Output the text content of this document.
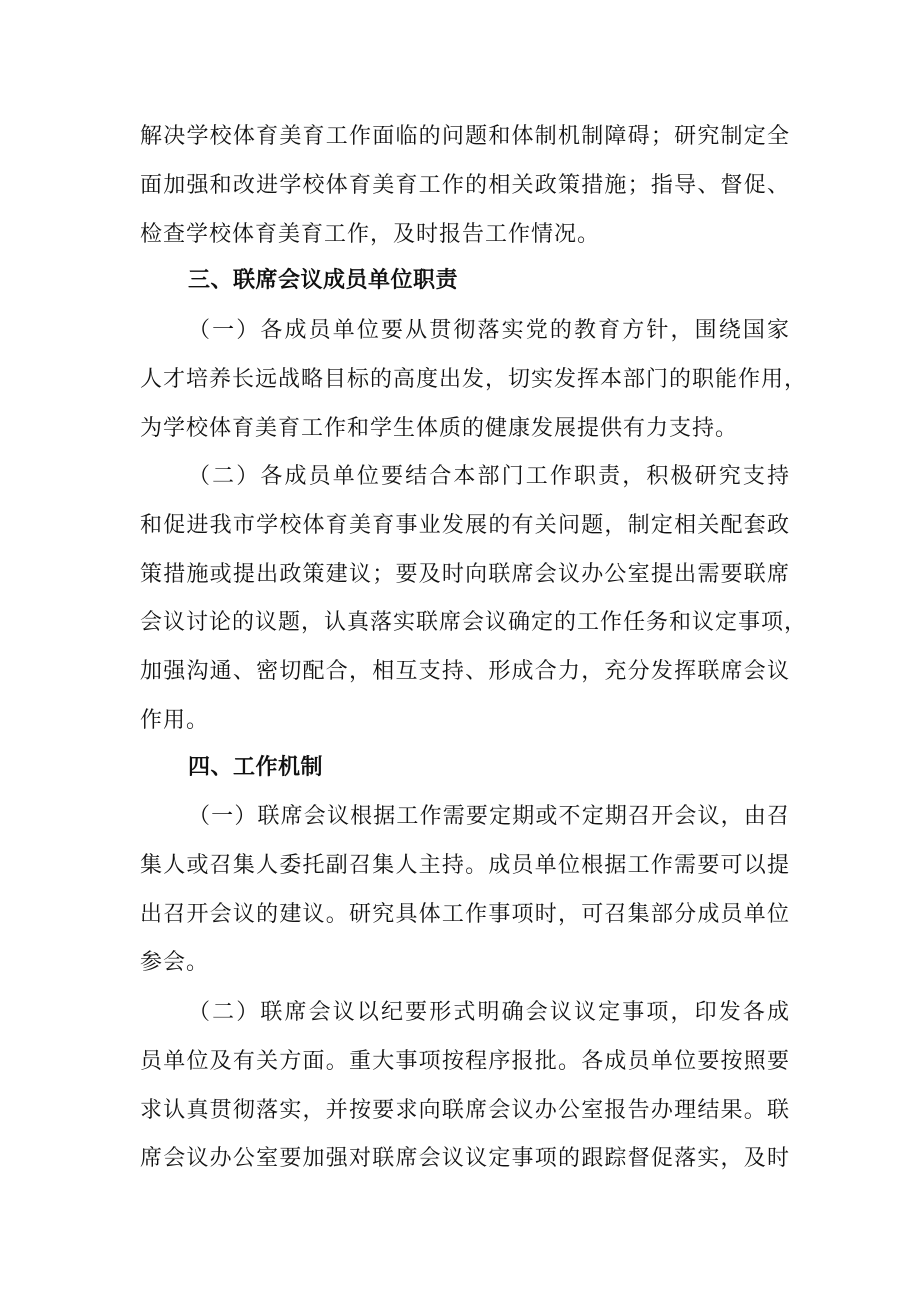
解决学校体育美育工作面临的问题和体制机制障碍；研究制定全
面加强和改进学校体育美育工作的相关政策措施；指导、督促、
检查学校体育美育工作，及时报告工作情况。
三、联席会议成员单位职责
（一）各成员单位要从贯彻落实党的教育方针，围绕国家
人才培养长远战略目标的高度出发，切实发挥本部门的职能作用，
为学校体育美育工作和学生体质的健康发展提供有力支持。
（二）各成员单位要结合本部门工作职责，积极研究支持
和促进我市学校体育美育事业发展的有关问题，制定相关配套政
策措施或提出政策建议；要及时向联席会议办公室提出需要联席
会议讨论的议题，认真落实联席会议确定的工作任务和议定事项，
加强沟通、密切配合，相互支持、形成合力，充分发挥联席会议
作用。
四、工作机制
（一）联席会议根据工作需要定期或不定期召开会议，由召
集人或召集人委托副召集人主持。成员单位根据工作需要可以提
出召开会议的建议。研究具体工作事项时，可召集部分成员单位
参会。
（二）联席会议以纪要形式明确会议议定事项，印发各成
员单位及有关方面。重大事项按程序报批。各成员单位要按照要
求认真贯彻落实，并按要求向联席会议办公室报告办理结果。联
席会议办公室要加强对联席会议议定事项的跟踪督促落实，及时
